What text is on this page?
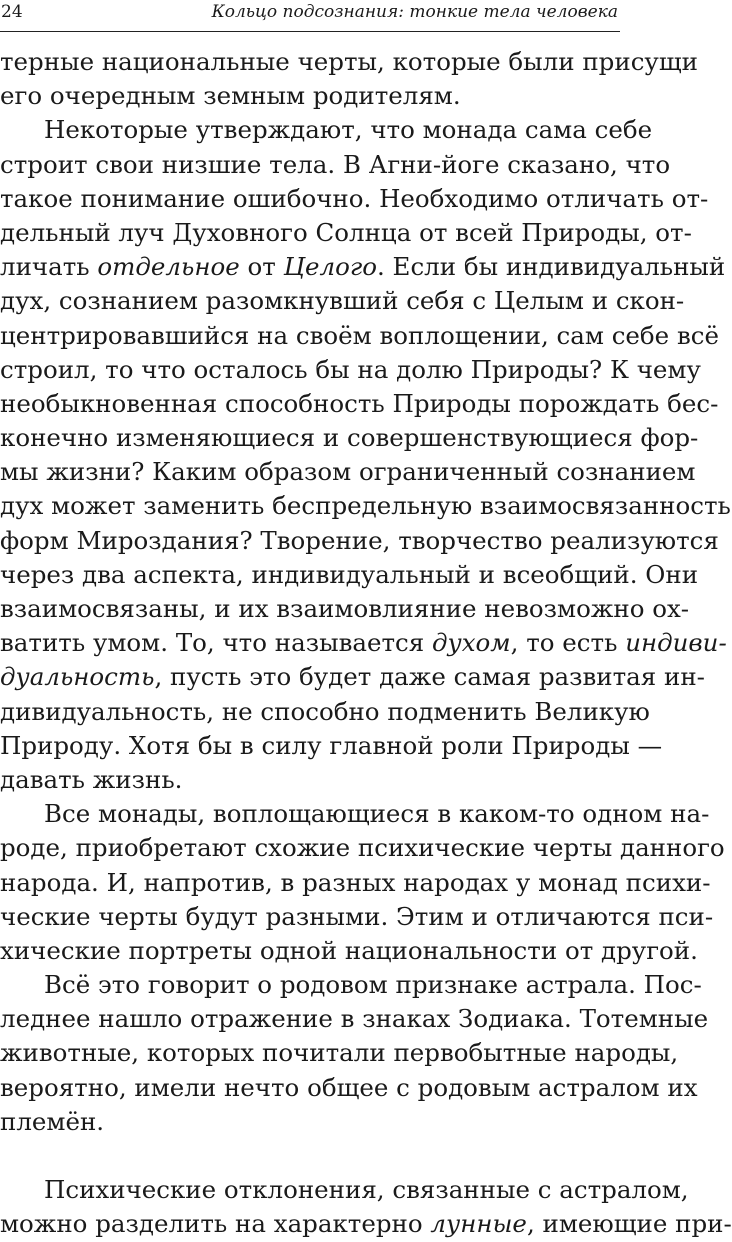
24	Кольцо подсознания: тонкие тела человека
терные национальные черты, которые были присущи
его очередным земным родителям.
Некоторые утверждают, что монада сама себе
строит свои низшие тела. В Агни-йоге сказано, что
такое понимание ошибочно. Необходимо отличать от-
дельный луч Духовного Солнца от всей Природы, от-
личать отдельное от Целого. Если бы индивидуальный
дух, сознанием разомкнувший себя с Целым и скон-
центрировавшийся на своём воплощении, сам себе всё
строил, то что осталось бы на долю Природы? К чему
необыкновенная способность Природы порождать бес-
конечно изменяющиеся и совершенствующиеся фор-
мы жизни? Каким образом ограниченный сознанием
дух может заменить беспредельную взаимосвязанность
форм Мироздания? Творение, творчество реализуются
через два аспекта, индивидуальный и всеобщий. Они
взаимосвязаны, и их взаимовлияние невозможно ох-
ватить умом. То, что называется духом, то есть индиви-
дуальность, пусть это будет даже самая развитая ин-
дивидуальность, не способно подменить Великую
Природу. Хотя бы в силу главной роли Природы —
давать жизнь.
Все монады, воплощающиеся в каком-то одном на-
роде, приобретают схожие психические черты данного
народа. И, напротив, в разных народах у монад психи-
ческие черты будут разными. Этим и отличаются пси-
хические портреты одной национальности от другой.
Всё это говорит о родовом признаке астрала. Пос-
леднее нашло отражение в знаках Зодиака. Тотемные
животные, которых почитали первобытные народы,
вероятно, имели нечто общее с родовым астралом их
племён.
Психические отклонения, связанные с астралом,
можно разделить на характерно лунные, имеющие при-
